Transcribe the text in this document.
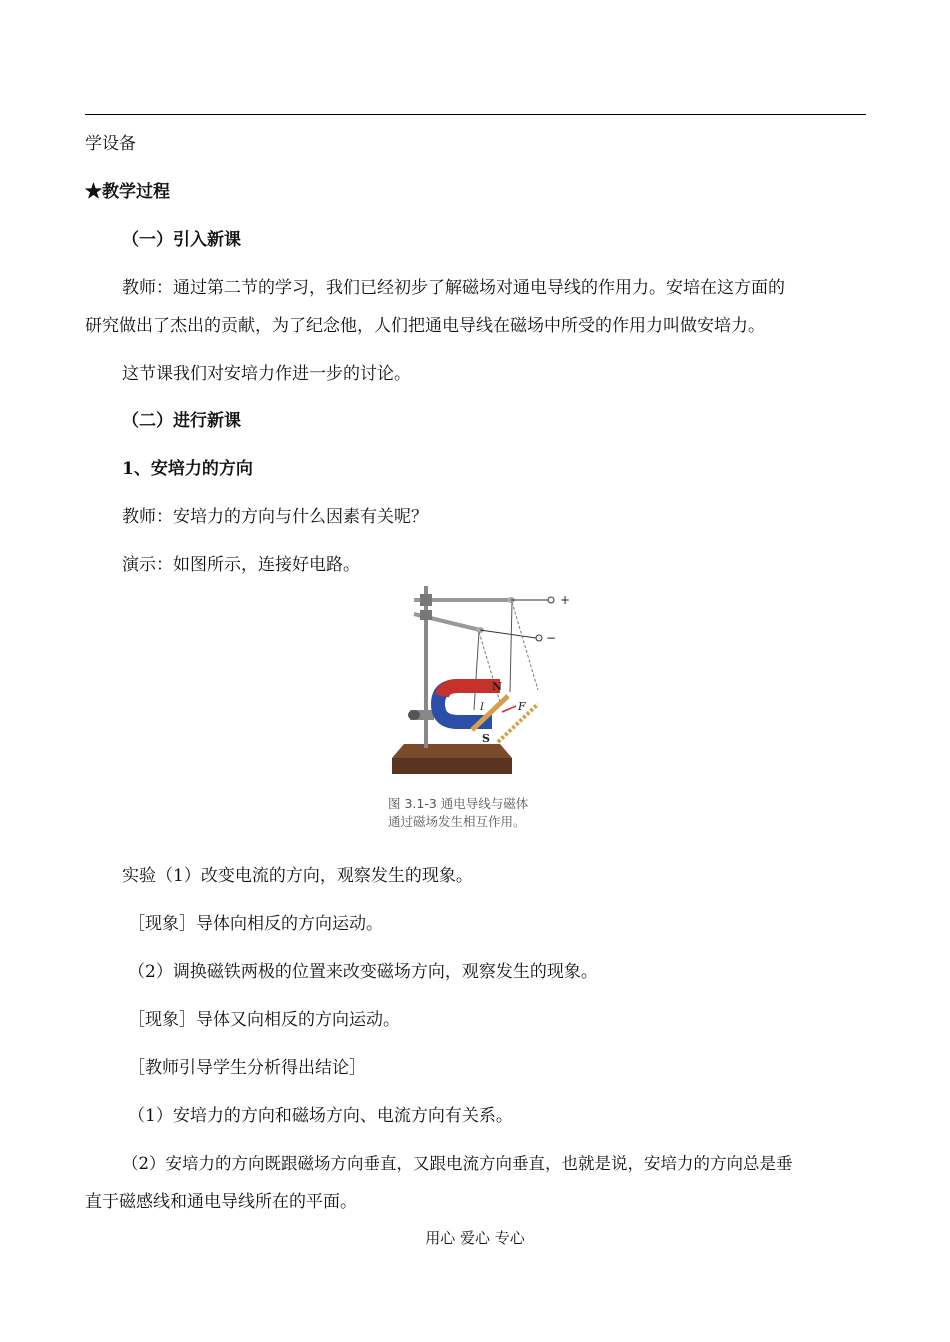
学设备
★教学过程
（一）引入新课
教师：通过第二节的学习，我们已经初步了解磁场对通电导线的作用力。安培在这方面的
研究做出了杰出的贡献，为了纪念他，人们把通电导线在磁场中所受的作用力叫做安培力。
这节课我们对安培力作进一步的讨论。
（二）进行新课
1、安培力的方向
教师：安培力的方向与什么因素有关呢？
演示：如图所示，连接好电路。
+
−
N
S
I	F
图 3.1-3 通电导线与磁体
通过磁场发生相互作用。
实验（1）改变电流的方向，观察发生的现象。
［现象］导体向相反的方向运动。
（2）调换磁铁两极的位置来改变磁场方向，观察发生的现象。
［现象］导体又向相反的方向运动。
［教师引导学生分析得出结论］
（1）安培力的方向和磁场方向、电流方向有关系。
（2）安培力的方向既跟磁场方向垂直，又跟电流方向垂直，也就是说，安培力的方向总是垂
直于磁感线和通电导线所在的平面。
用心 爱心 专心
